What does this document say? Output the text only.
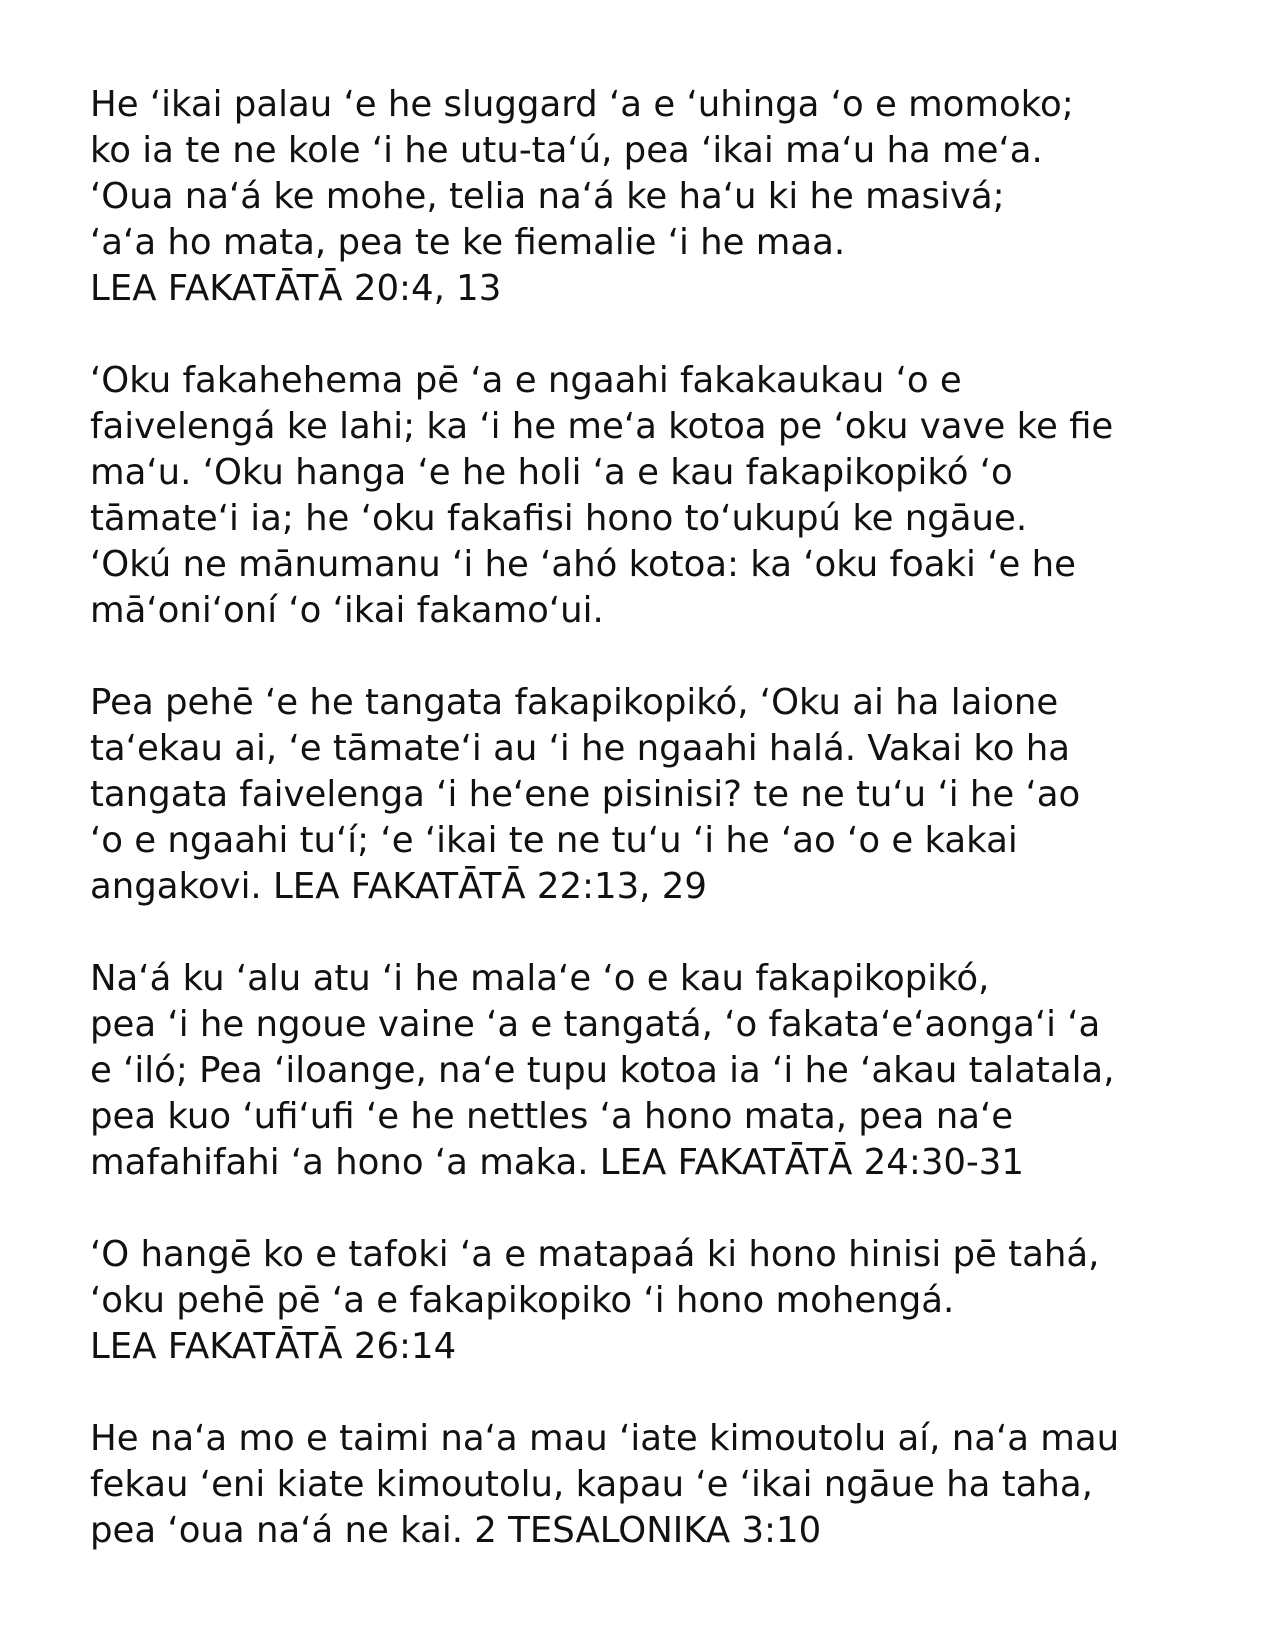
He ‘ikai palau ‘e he sluggard ‘a e ‘uhinga ‘o e momoko;
ko ia te ne kole ‘i he utu-ta‘ú, pea ‘ikai ma‘u ha me‘a.
‘Oua na‘á ke mohe, telia na‘á ke ha‘u ki he masivá;
‘a‘a ho mata, pea te ke fiemalie ‘i he maa.
LEA FAKATĀTĀ 20:4, 13
‘Oku fakahehema pē ‘a e ngaahi fakakaukau ‘o e
faivelengá ke lahi; ka ‘i he me‘a kotoa pe ‘oku vave ke fie
ma‘u. ‘Oku hanga ‘e he holi ‘a e kau fakapikopikó ‘o
tāmate‘i ia; he ‘oku fakafisi hono to‘ukupú ke ngāue.
‘Okú ne mānumanu ‘i he ‘ahó kotoa: ka ‘oku foaki ‘e he
mā‘oni‘oní ‘o ‘ikai fakamo‘ui.
Pea pehē ‘e he tangata fakapikopikó, ‘Oku ai ha laione
ta‘ekau ai, ‘e tāmate‘i au ‘i he ngaahi halá. Vakai ko ha
tangata faivelenga ‘i he‘ene pisinisi? te ne tu‘u ‘i he ‘ao
‘o e ngaahi tu‘í; ‘e ‘ikai te ne tu‘u ‘i he ‘ao ‘o e kakai
angakovi. LEA FAKATĀTĀ 22:13, 29
Na‘á ku ‘alu atu ‘i he mala‘e ‘o e kau fakapikopikó,
pea ‘i he ngoue vaine ‘a e tangatá, ‘o fakata‘e‘aonga‘i ‘a
e ‘iló; Pea ‘iloange, na‘e tupu kotoa ia ‘i he ‘akau talatala,
pea kuo ‘ufi‘ufi ‘e he nettles ‘a hono mata, pea na‘e
mafahifahi ‘a hono ‘a maka. LEA FAKATĀTĀ 24:30-31
‘O hangē ko e tafoki ‘a e matapaá ki hono hinisi pē tahá,
‘oku pehē pē ‘a e fakapikopiko ‘i hono mohengá.
LEA FAKATĀTĀ 26:14
He na‘a mo e taimi na‘a mau ‘iate kimoutolu aí, na‘a mau
fekau ‘eni kiate kimoutolu, kapau ‘e ‘ikai ngāue ha taha,
pea ‘oua na‘á ne kai. 2 TESALONIKA 3:10
